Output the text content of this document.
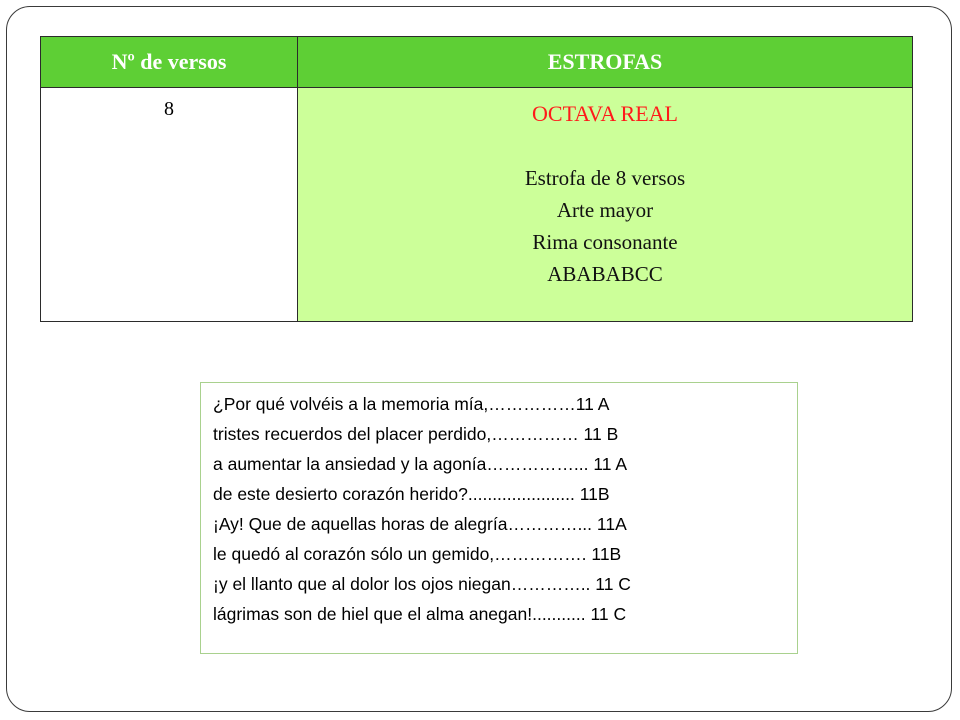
Nº de versos	ESTROFAS
8	OCTAVA REAL
Estrofa de 8 versos
Arte mayor
Rima consonante
ABABABCC
¿Por qué volvéis a la memoria mía,……………11 A
tristes recuerdos del placer perdido,…………… 11 B
a aumentar la ansiedad y la agonía……………... 11 A
de este desierto corazón herido?...................... 11B
¡Ay! Que de aquellas horas de alegría…………... 11A
le quedó al corazón sólo un gemido,……………. 11B
¡y el llanto que al dolor los ojos niegan………….. 11 C
lágrimas son de hiel que el alma anegan!........... 11 C
